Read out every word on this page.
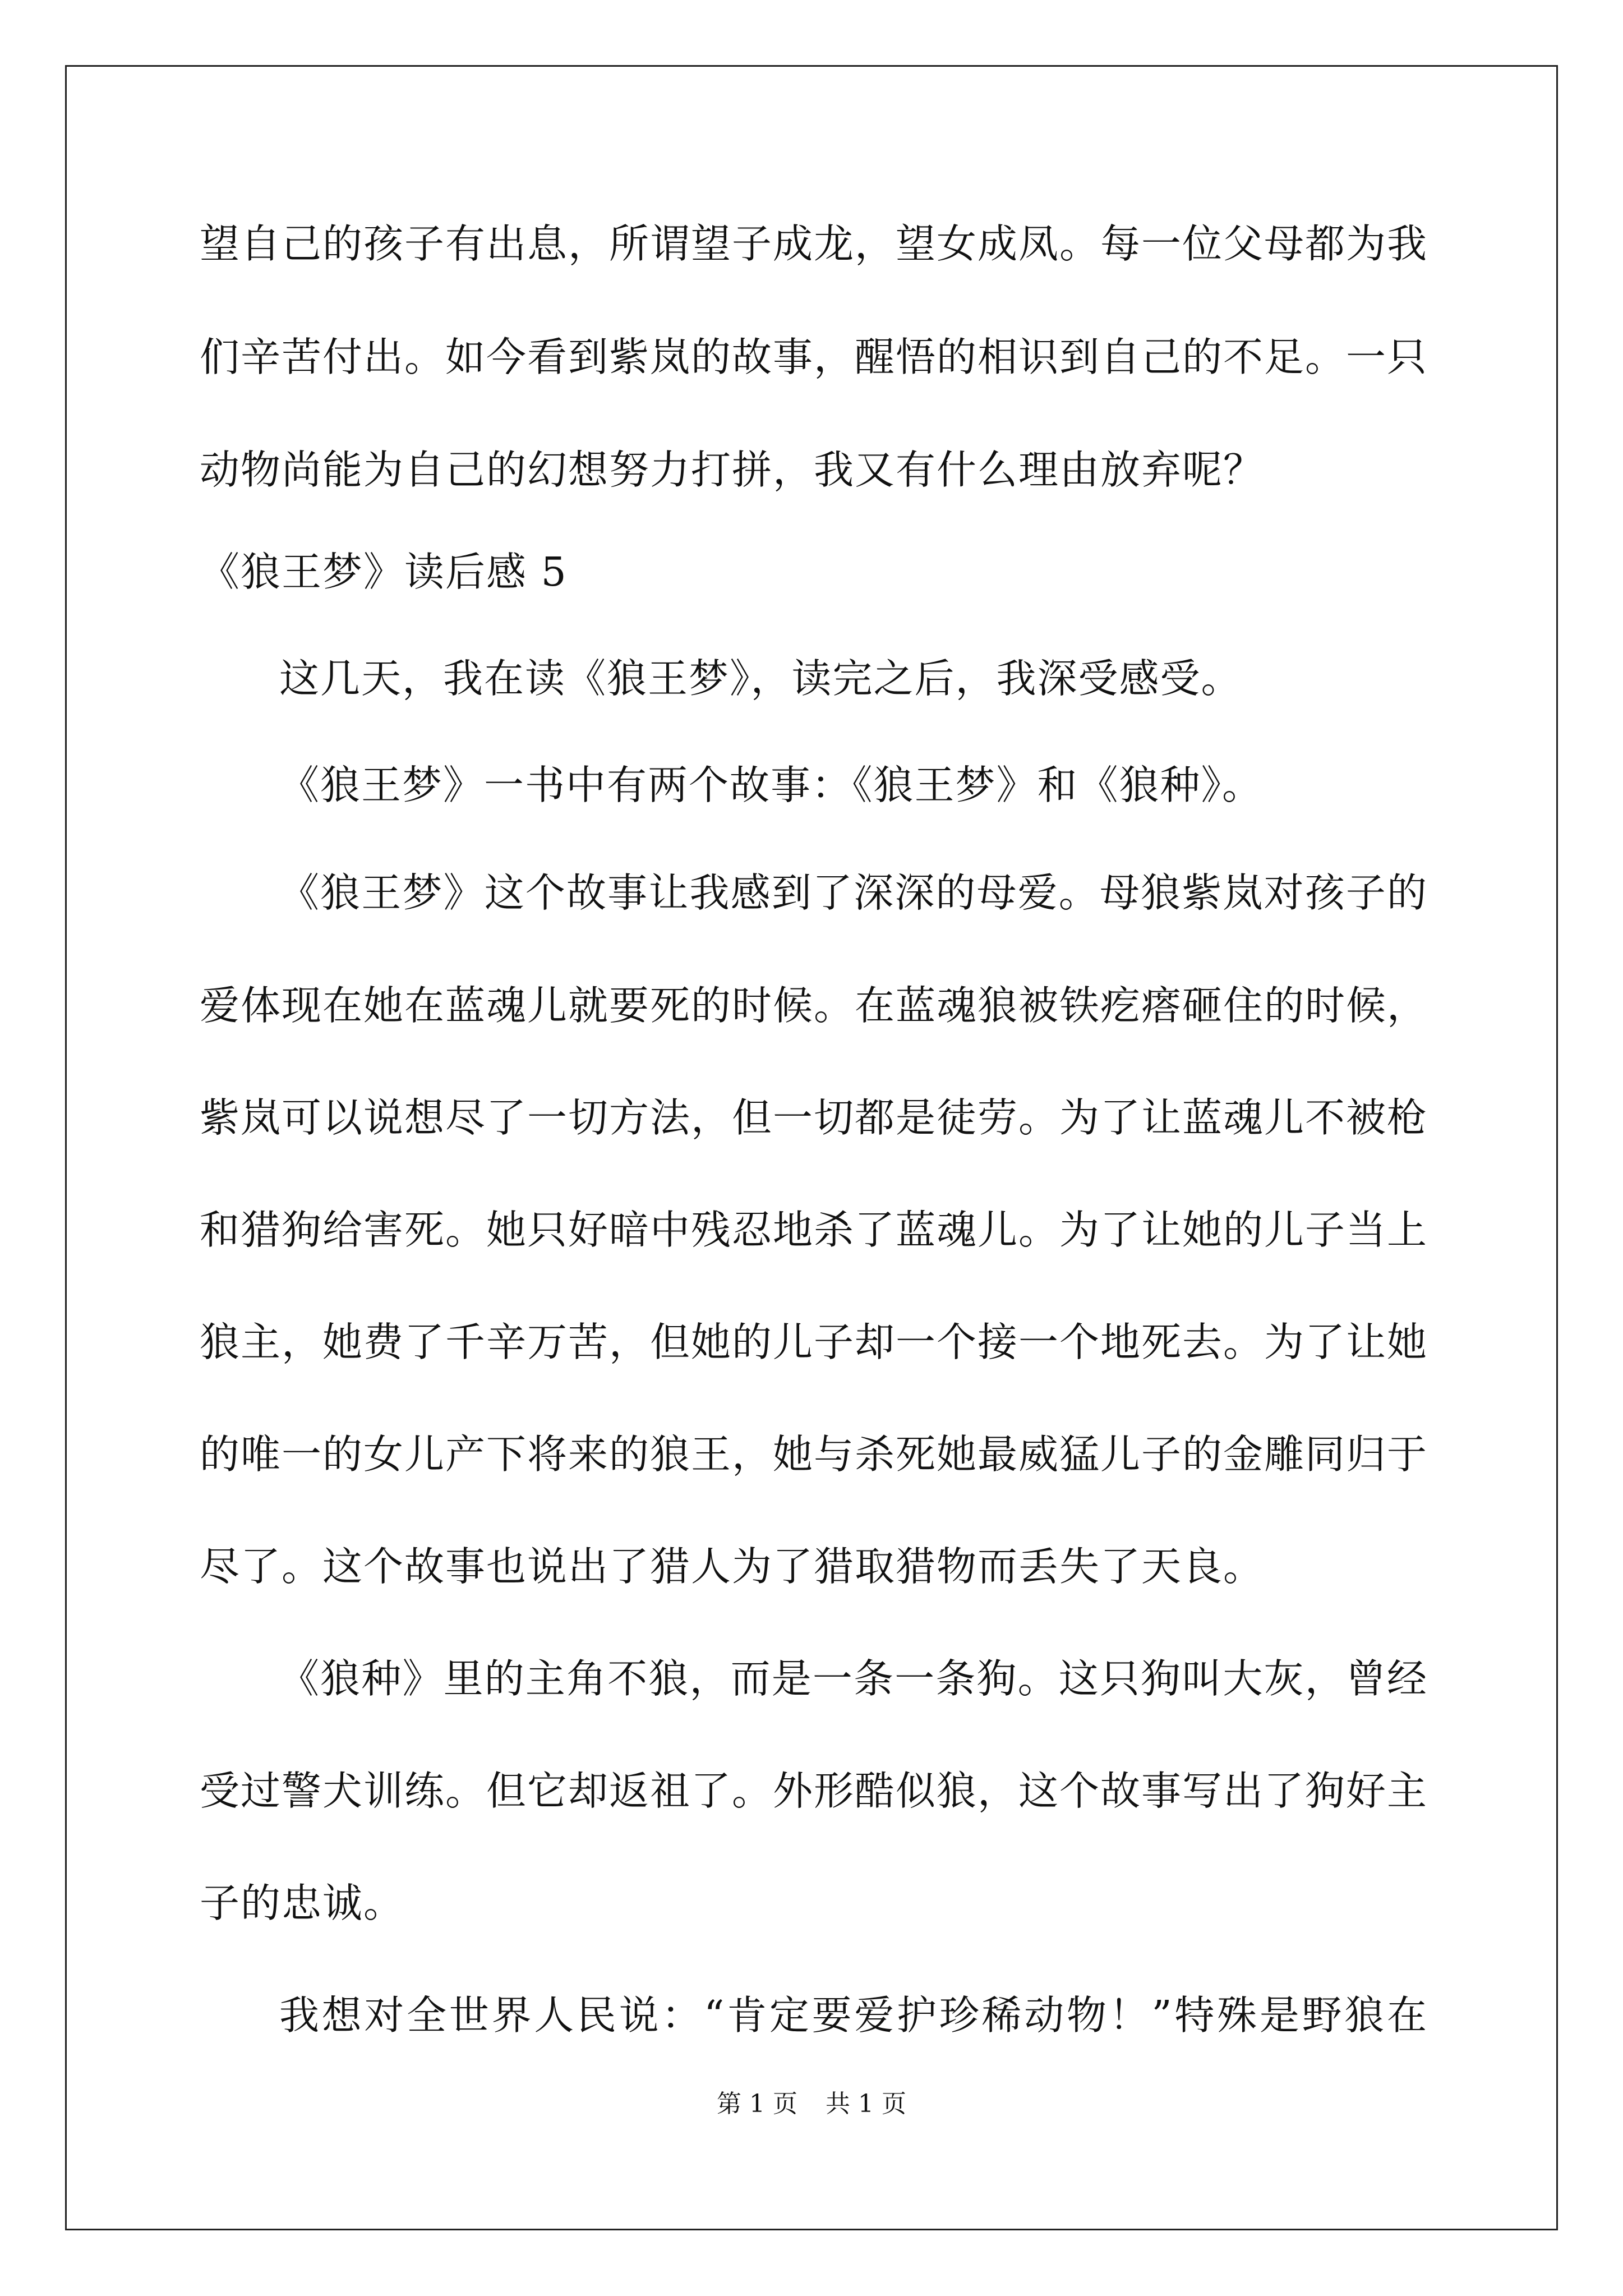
望自己的孩子有出息，所谓望子成龙，望女成凤。每一位父母都为我
们辛苦付出。如今看到紫岚的故事，醒悟的相识到自己的不足。一只
动物尚能为自己的幻想努力打拼，我又有什么理由放弃呢？
《狼王梦》读后感 5
这几天，我在读《狼王梦》，读完之后，我深受感受。
《狼王梦》一书中有两个故事：《狼王梦》和《狼种》。
《狼王梦》这个故事让我感到了深深的母爱。母狼紫岚对孩子的
爱体现在她在蓝魂儿就要死的时候。在蓝魂狼被铁疙瘩砸住的时候，
紫岚可以说想尽了一切方法，但一切都是徒劳。为了让蓝魂儿不被枪
和猎狗给害死。她只好暗中残忍地杀了蓝魂儿。为了让她的儿子当上
狼主，她费了千辛万苦，但她的儿子却一个接一个地死去。为了让她
的唯一的女儿产下将来的狼王，她与杀死她最威猛儿子的金雕同归于
尽了。这个故事也说出了猎人为了猎取猎物而丢失了天良。
《狼种》里的主角不狼，而是一条一条狗。这只狗叫大灰，曾经
受过警犬训练。但它却返祖了。外形酷似狼，这个故事写出了狗好主
子的忠诚。
我想对全世界人民说：“肯定要爱护珍稀动物！”特殊是野狼在
第 1 页 共 1 页
